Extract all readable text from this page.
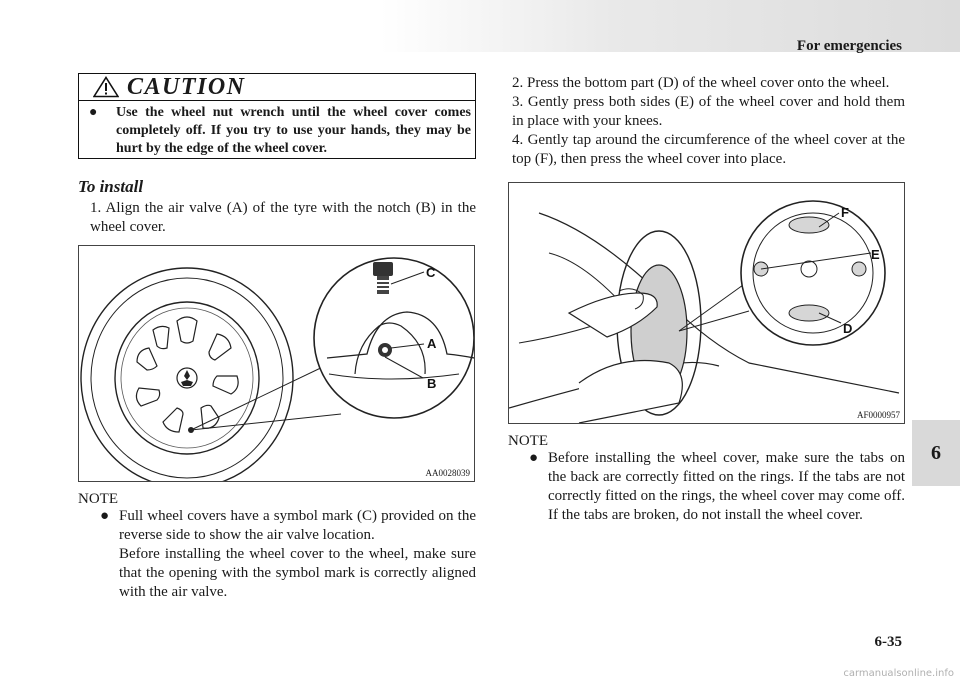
For emergencies
6
6-35
carmanualsonline.info
CAUTION
●	Use the wheel nut wrench until the wheel cover comes completely off. If you try to use your hands, they may be hurt by the edge of the wheel cover.
To install
1. Align the air valve (A) of the tyre with the notch (B) in the wheel cover.
C
A
B
AA0028039
NOTE
● Full wheel covers have a symbol mark (C) provided on the reverse side to show the air valve location.
Before installing the wheel cover to the wheel, make sure that the opening with the symbol mark is correctly aligned with the air valve.
2. Press the bottom part (D) of the wheel cover onto the wheel.
3. Gently press both sides (E) of the wheel cover and hold them in place with your knees.
4. Gently tap around the circumference of the wheel cover at the top (F), then press the wheel cover into place.
F
E
D
AF0000957
NOTE
● Before installing the wheel cover, make sure the tabs on the back are correctly fitted on the rings. If the tabs are not correctly fitted on the rings, the wheel cover may come off. If the tabs are broken, do not install the wheel cover.
